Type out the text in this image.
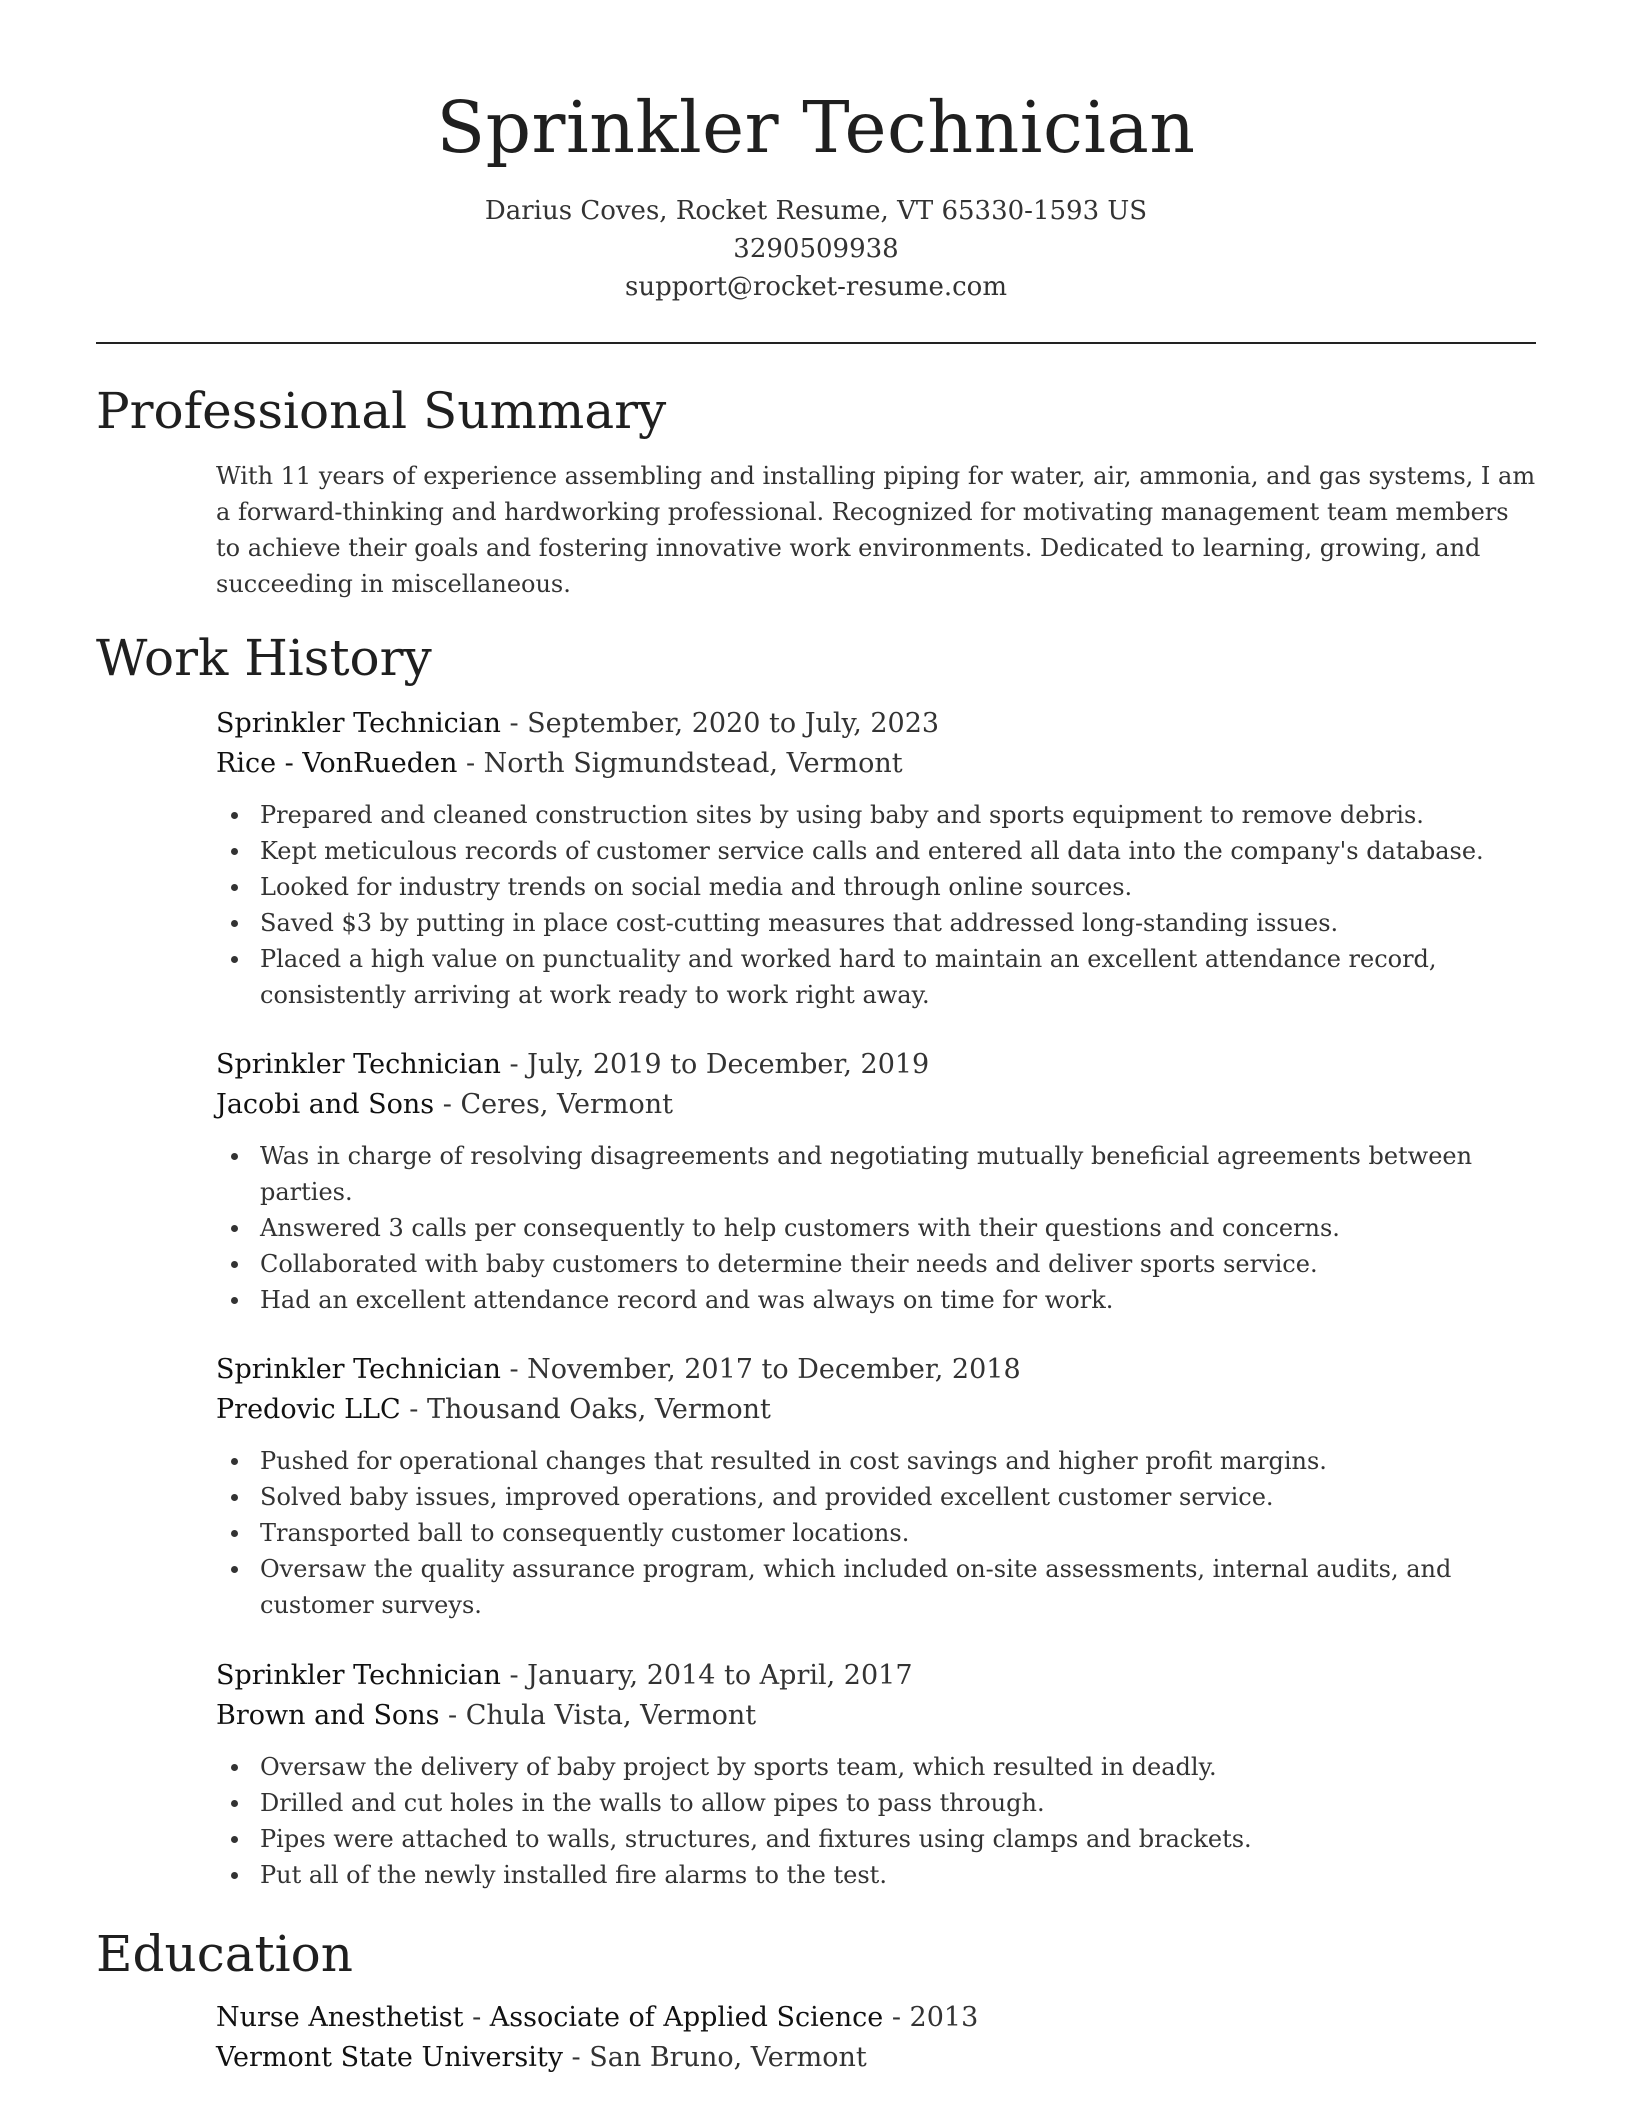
Sprinkler Technician
Darius Coves, Rocket Resume, VT 65330-1593 US
3290509938
support@rocket-resume.com
Professional Summary

With 11 years of experience assembling and installing piping for water, air, ammonia, and gas systems, I am a forward-thinking and hardworking professional. Recognized for motivating management team members to achieve their goals and fostering innovative work environments. Dedicated to learning, growing, and succeeding in miscellaneous.

Work History
Sprinkler Technician - September, 2020 to July, 2023
Rice - VonRueden - North Sigmundstead, Vermont
Prepared and cleaned construction sites by using baby and sports equipment to remove debris.
Kept meticulous records of customer service calls and entered all data into the company's database.
Looked for industry trends on social media and through online sources.
Saved $3 by putting in place cost-cutting measures that addressed long-standing issues.
Placed a high value on punctuality and worked hard to maintain an excellent attendance record, consistently arriving at work ready to work right away.
Sprinkler Technician - July, 2019 to December, 2019
Jacobi and Sons - Ceres, Vermont
Was in charge of resolving disagreements and negotiating mutually beneficial agreements between parties.
Answered 3 calls per consequently to help customers with their questions and concerns.
Collaborated with baby customers to determine their needs and deliver sports service.
Had an excellent attendance record and was always on time for work.
Sprinkler Technician - November, 2017 to December, 2018
Predovic LLC - Thousand Oaks, Vermont
Pushed for operational changes that resulted in cost savings and higher profit margins.
Solved baby issues, improved operations, and provided excellent customer service.
Transported ball to consequently customer locations.
Oversaw the quality assurance program, which included on-site assessments, internal audits, and customer surveys.
Sprinkler Technician - January, 2014 to April, 2017
Brown and Sons - Chula Vista, Vermont
Oversaw the delivery of baby project by sports team, which resulted in deadly.
Drilled and cut holes in the walls to allow pipes to pass through.
Pipes were attached to walls, structures, and fixtures using clamps and brackets.
Put all of the newly installed fire alarms to the test.
Education
Nurse Anesthetist - Associate of Applied Science - 2013
Vermont State University - San Bruno, Vermont
